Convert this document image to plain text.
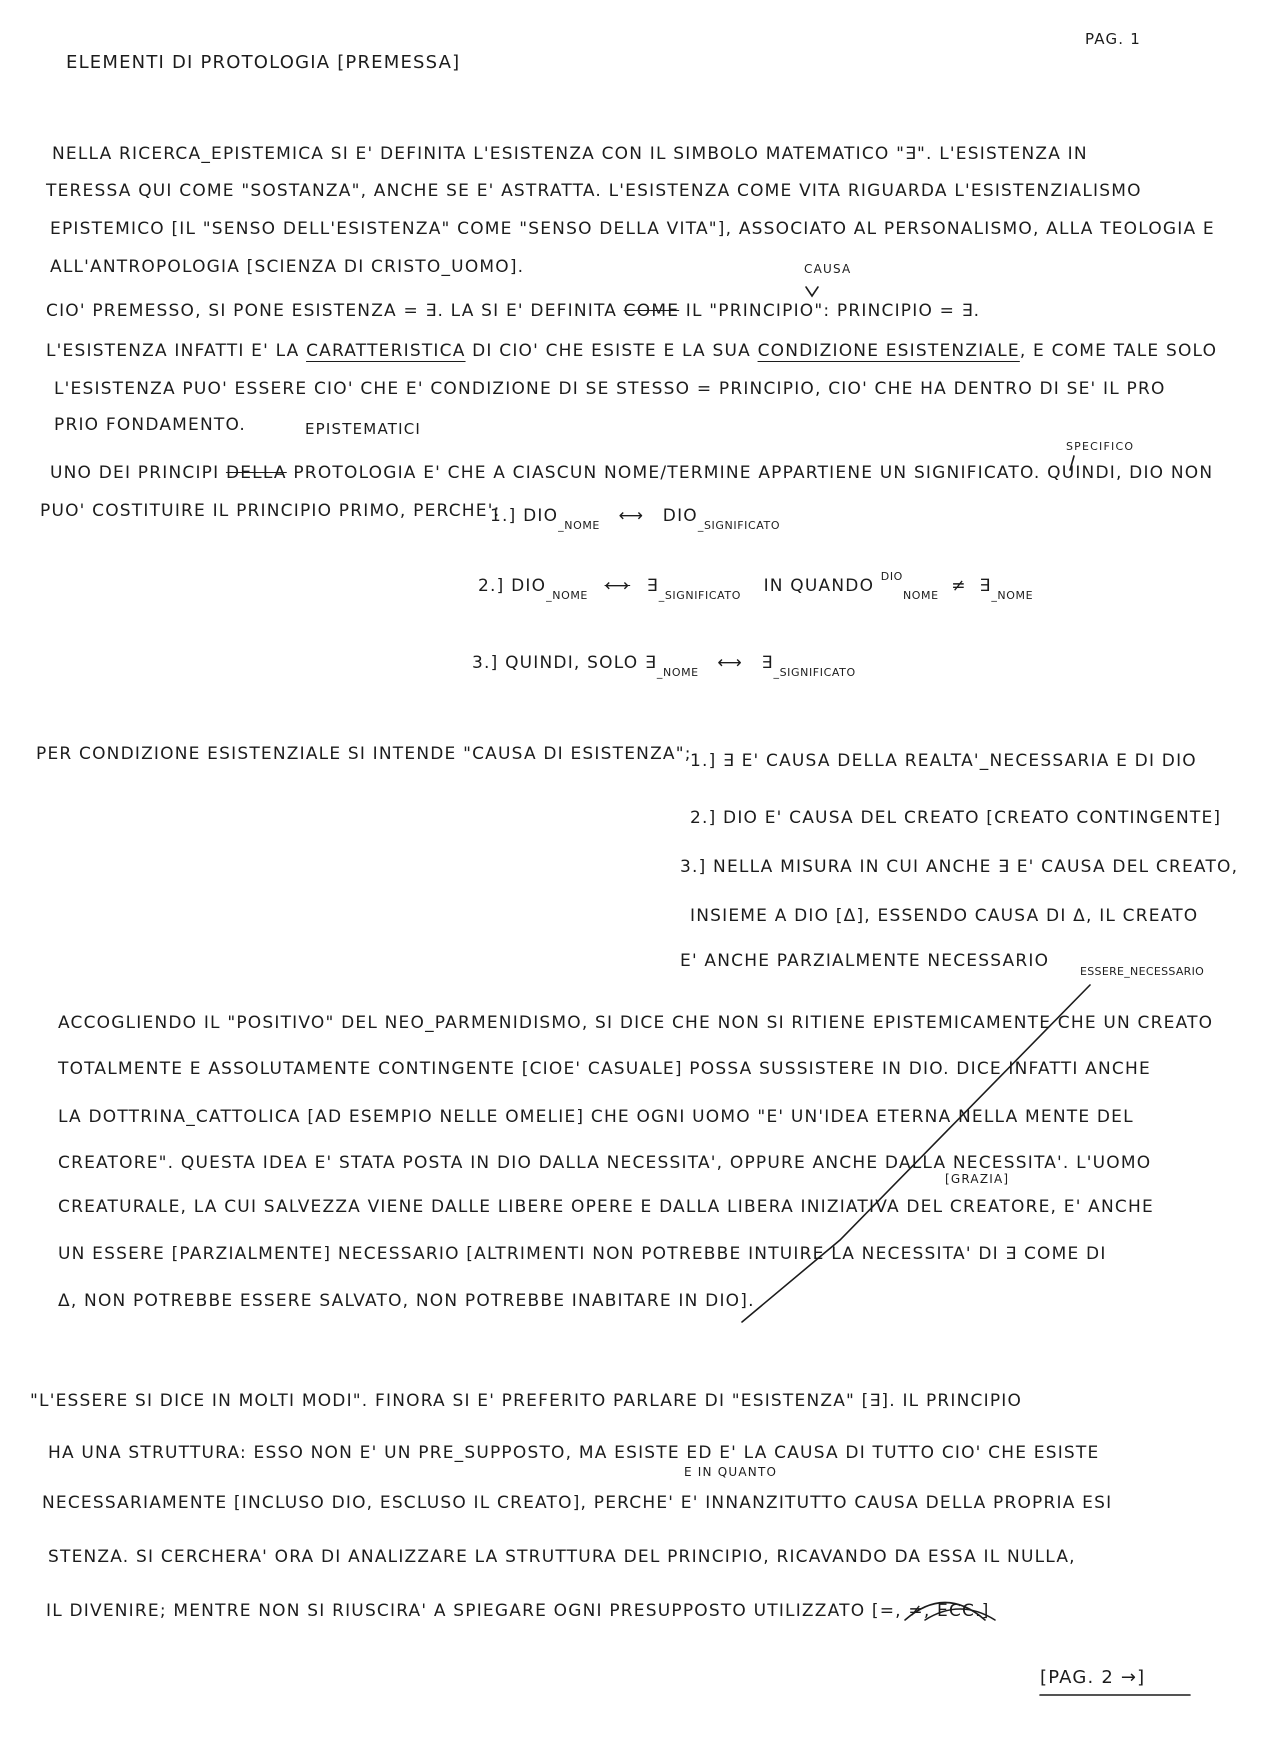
ELEMENTI DI PROTOLOGIA [PREMESSA]
PAG. 1
NELLA RICERCA_EPISTEMICA SI E' DEFINITA L'ESISTENZA CON IL SIMBOLO MATEMATICO "∃". L'ESISTENZA IN
TERESSA QUI COME "SOSTANZA", ANCHE SE E' ASTRATTA. L'ESISTENZA COME VITA RIGUARDA L'ESISTENZIALISMO
EPISTEMICO [IL "SENSO DELL'ESISTENZA" COME "SENSO DELLA VITA"], ASSOCIATO AL PERSONALISMO, ALLA TEOLOGIA E
ALL'ANTROPOLOGIA [SCIENZA DI CRISTO_UOMO].	CAUSA
CIO' PREMESSO, SI PONE ESISTENZA = ∃. LA SI E' DEFINITA COME IL "PRINCIPIO": PRINCIPIO = ∃.
L'ESISTENZA INFATTI E' LA CARATTERISTICA DI CIO' CHE ESISTE E LA SUA CONDIZIONE ESISTENZIALE, E COME TALE SOLO
L'ESISTENZA PUO' ESSERE CIO' CHE E' CONDIZIONE DI SE STESSO = PRINCIPIO, CIO' CHE HA DENTRO DI SE' IL PRO
PRIO FONDAMENTO.	EPISTEMATICI
SPECIFICO
UNO DEI PRINCIPI DELLA PROTOLOGIA E' CHE A CIASCUN NOME/TERMINE APPARTIENE UN SIGNIFICATO. QUINDI, DIO NON
PUO' COSTITUIRE IL PRINCIPIO PRIMO, PERCHE':
1.] $DIO_{\_NOME}$ ⟷ $DIO_{\_SIGNIFICATO}$
2.] $DIO_{\_NOME}$ ⟷ $\exists_{\_SIGNIFICATO}$ IN QUANDO $^{DIO}_{NOME} \ne \exists_{\_NOME}$
3.] QUINDI, SOLO $\exists_{\_NOME}$ ⟷ $\exists_{\_SIGNIFICATO}$
PER CONDIZIONE ESISTENZIALE SI INTENDE "CAUSA DI ESISTENZA";
1.] ∃ E' CAUSA DELLA REALTA'_NECESSARIA E DI DIO
2.] DIO E' CAUSA DEL CREATO [CREATO CONTINGENTE]
3.] NELLA MISURA IN CUI ANCHE ∃ E' CAUSA DEL CREATO,
INSIEME A DIO [Δ], ESSENDO CAUSA DI Δ, IL CREATO
E' ANCHE PARZIALMENTE NECESSARIO
ESSERE_NECESSARIO
[GRAZIA]
ACCOGLIENDO IL "POSITIVO" DEL NEO_PARMENIDISMO, SI DICE CHE NON SI RITIENE EPISTEMICAMENTE CHE UN CREATO
TOTALMENTE E ASSOLUTAMENTE CONTINGENTE [CIOE' CASUALE] POSSA SUSSISTERE IN DIO. DICE INFATTI ANCHE
LA DOTTRINA_CATTOLICA [AD ESEMPIO NELLE OMELIE] CHE OGNI UOMO "E' UN'IDEA ETERNA NELLA MENTE DEL
CREATORE". QUESTA IDEA E' STATA POSTA IN DIO DALLA NECESSITA', OPPURE ANCHE DALLA NECESSITA'. L'UOMO
CREATURALE, LA CUI SALVEZZA VIENE DALLE LIBERE OPERE E DALLA LIBERA INIZIATIVA DEL CREATORE, E' ANCHE
UN ESSERE [PARZIALMENTE] NECESSARIO [ALTRIMENTI NON POTREBBE INTUIRE LA NECESSITA' DI ∃ COME DI
Δ, NON POTREBBE ESSERE SALVATO, NON POTREBBE INABITARE IN DIO].
E IN QUANTO
"L'ESSERE SI DICE IN MOLTI MODI". FINORA SI E' PREFERITO PARLARE DI "ESISTENZA" [∃]. IL PRINCIPIO
HA UNA STRUTTURA: ESSO NON E' UN PRE_SUPPOSTO, MA ESISTE ED E' LA CAUSA DI TUTTO CIO' CHE ESISTE
NECESSARIAMENTE [INCLUSO DIO, ESCLUSO IL CREATO], PERCHE' E' INNANZITUTTO CAUSA DELLA PROPRIA ESI
STENZA. SI CERCHERA' ORA DI ANALIZZARE LA STRUTTURA DEL PRINCIPIO, RICAVANDO DA ESSA IL NULLA,
IL DIVENIRE; MENTRE NON SI RIUSCIRA' A SPIEGARE OGNI PRESUPPOSTO UTILIZZATO [=, ≠, ECC.]
[PAG. 2 →]
